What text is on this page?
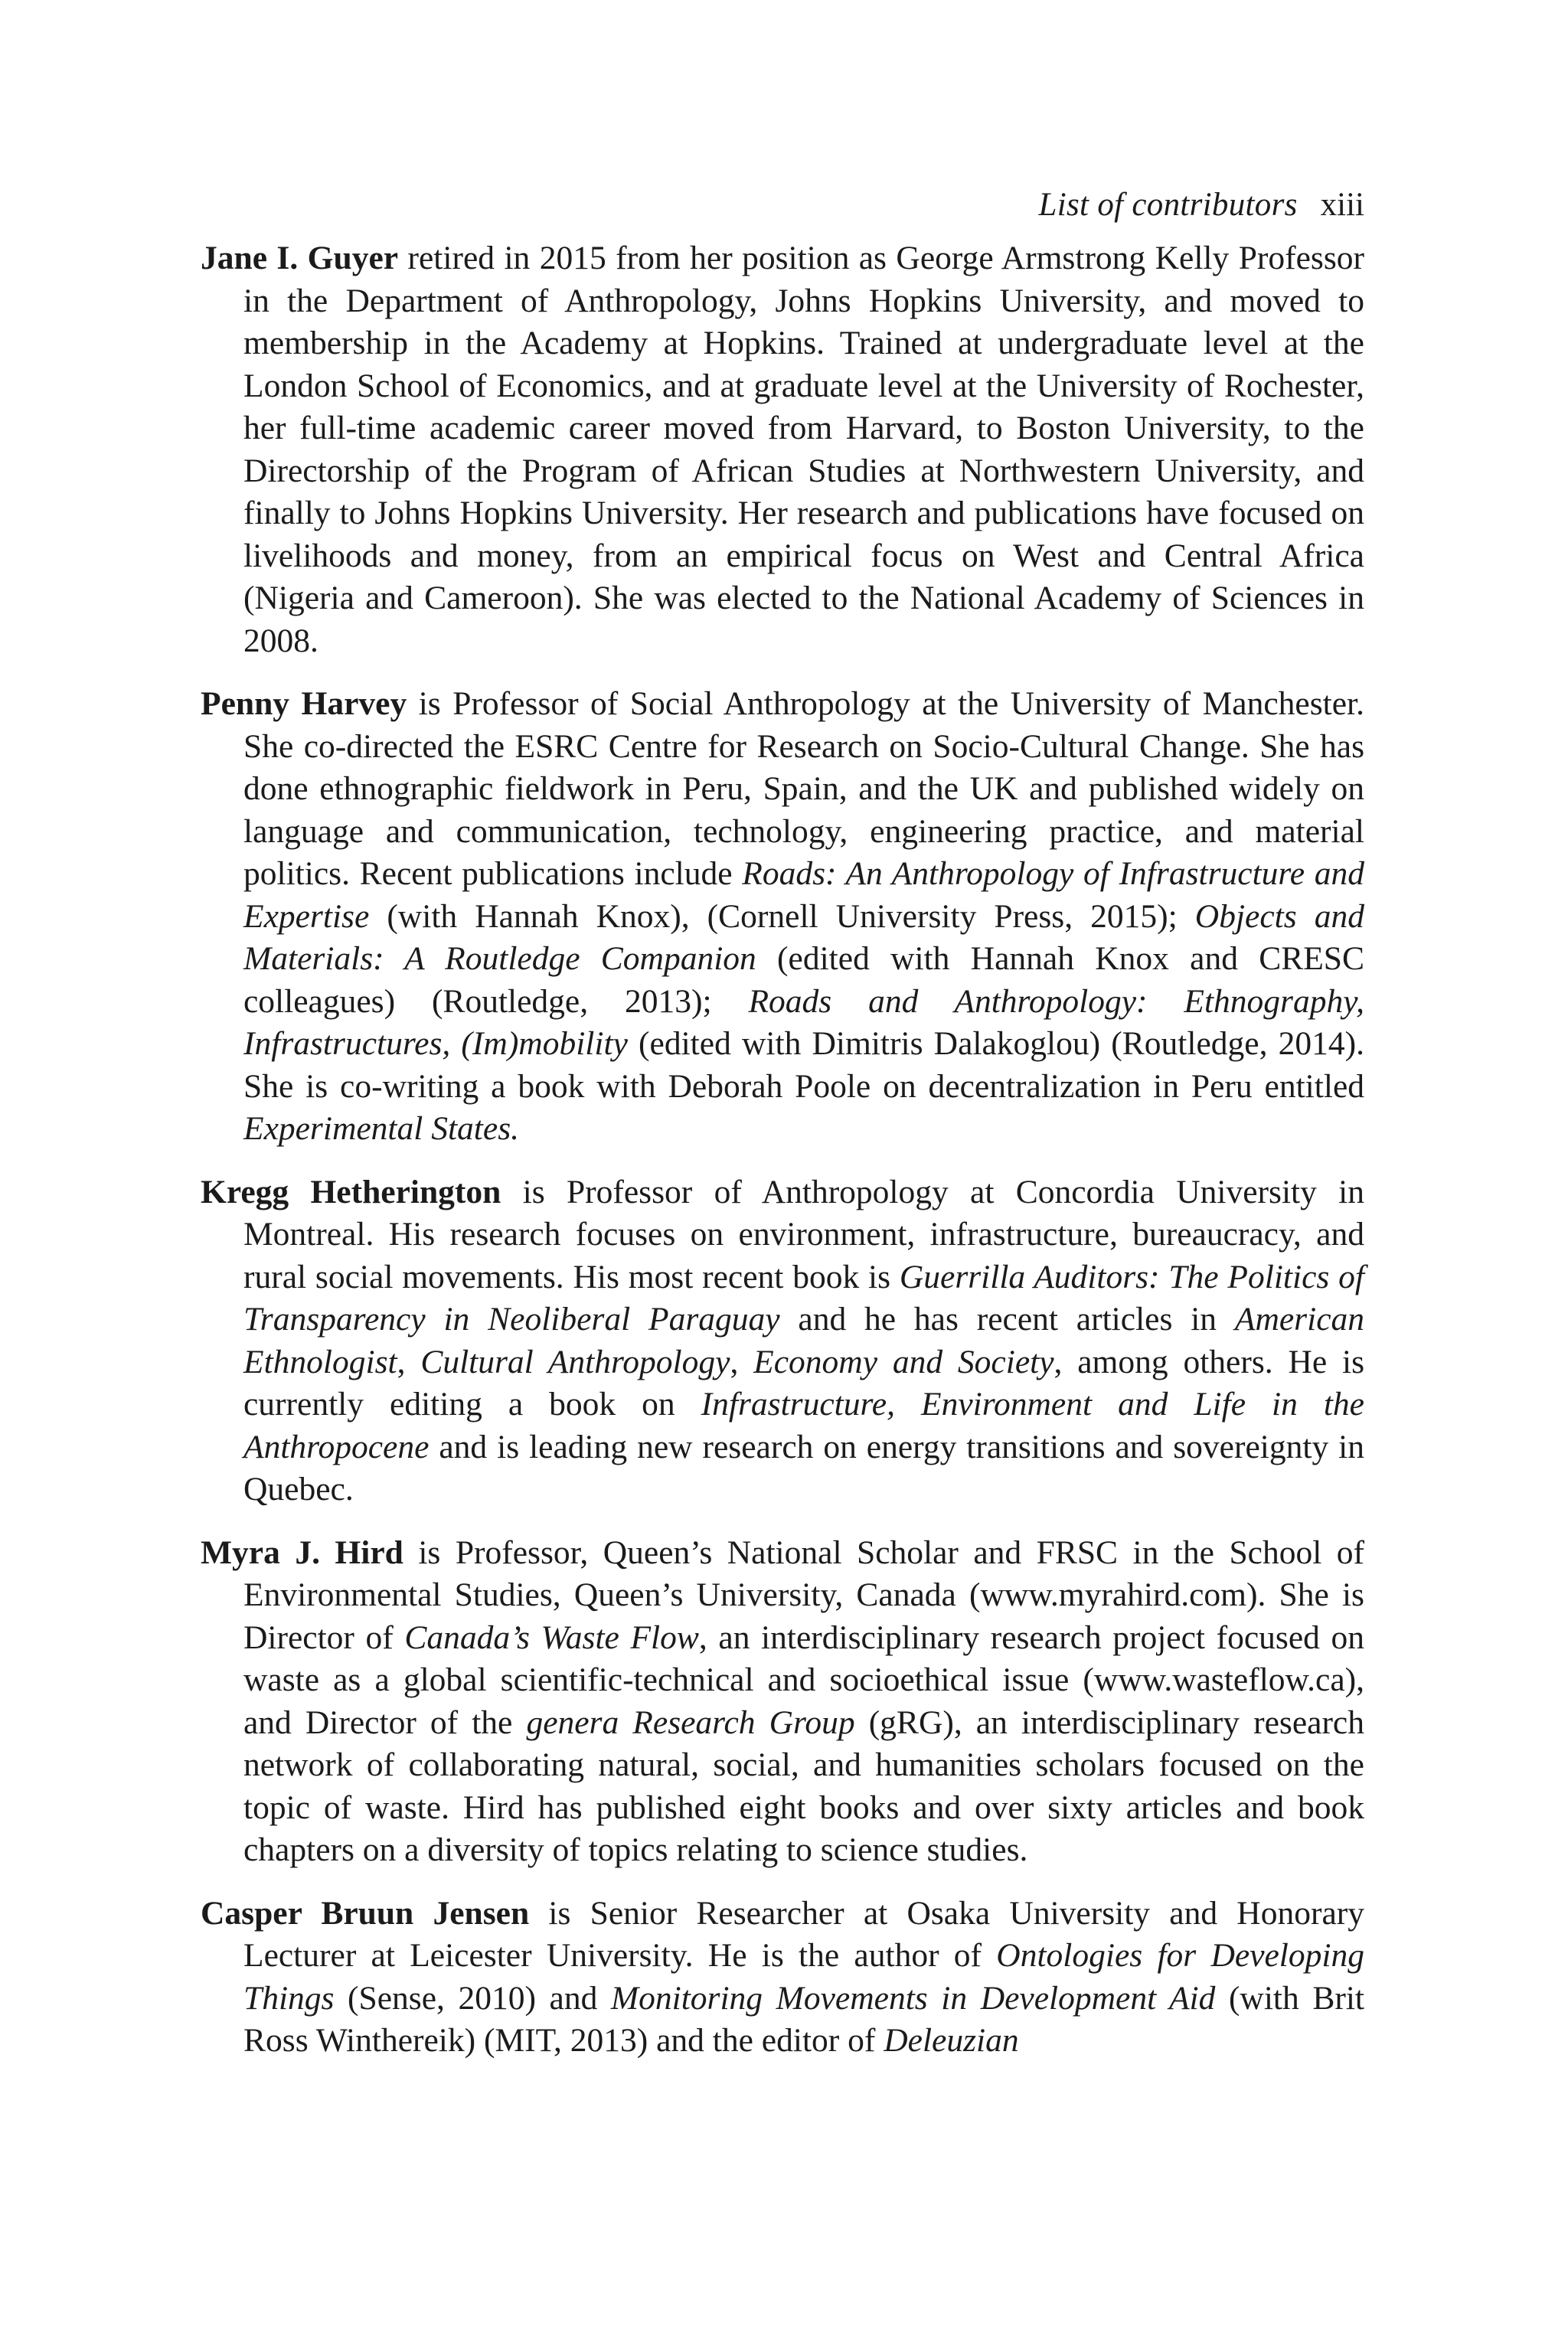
List of contributors xiii

Jane I. Guyer retired in 2015 from her position as George Armstrong Kelly Professor in the Department of Anthropology, Johns Hopkins University, and moved to membership in the Academy at Hopkins. Trained at undergraduate level at the London School of Economics, and at graduate level at the University of Rochester, her full-time academic career moved from Harvard, to Boston University, to the Directorship of the Program of African Studies at Northwestern University, and finally to Johns Hopkins University. Her research and publications have focused on livelihoods and money, from an empirical focus on West and Central Africa (Nigeria and Cameroon). She was elected to the National Academy of Sciences in 2008.

Penny Harvey is Professor of Social Anthropology at the University of Manchester. She co-directed the ESRC Centre for Research on Socio-Cultural Change. She has done ethnographic fieldwork in Peru, Spain, and the UK and published widely on language and communication, technology, engineering practice, and material politics. Recent publications include Roads: An Anthropology of Infrastructure and Expertise (with Hannah Knox), (Cornell University Press, 2015); Objects and Materials: A Routledge Companion (edited with Hannah Knox and CRESC colleagues) (Routledge, 2013); Roads and Anthropology: Ethnography, Infrastructures, (Im)mobility (edited with Dimitris Dalakoglou) (Routledge, 2014). She is co-writing a book with Deborah Poole on decentralization in Peru entitled Experimental States.

Kregg Hetherington is Professor of Anthropology at Concordia University in Montreal. His research focuses on environment, infrastructure, bureaucracy, and rural social movements. His most recent book is Guerrilla Auditors: The Politics of Transparency in Neoliberal Paraguay and he has recent articles in American Ethnologist, Cultural Anthropology, Economy and Society, among others. He is currently editing a book on Infrastructure, Environment and Life in the Anthropocene and is leading new research on energy transitions and sovereignty in Quebec.

Myra J. Hird is Professor, Queen’s National Scholar and FRSC in the School of Environmental Studies, Queen’s University, Canada (www.myrahird.​com). She is Director of Canada’s Waste Flow, an interdisciplinary research project focused on waste as a global scientific-technical and socioethical issue (www.wasteflow.ca), and Director of the genera Research Group (gRG), an interdisciplinary research network of collaborating natural, social, and humanities scholars focused on the topic of waste. Hird has published eight books and over sixty articles and book chapters on a diversity of topics relating to science studies.

Casper Bruun Jensen is Senior Researcher at Osaka University and Honorary Lecturer at Leicester University. He is the author of Ontologies for Developing Things (Sense, 2010) and Monitoring Movements in Development Aid (with Brit Ross Winthereik) (MIT, 2013) and the editor of Deleuzian
